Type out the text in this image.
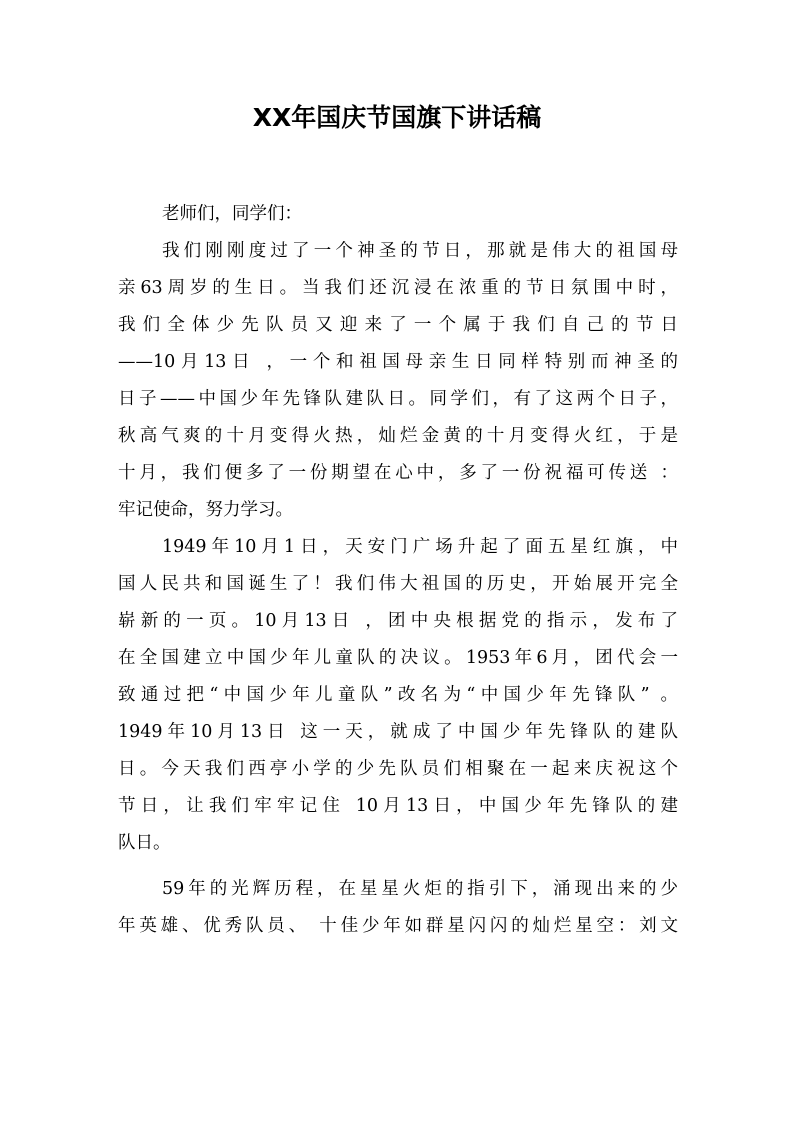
XX年国庆节国旗下讲话稿
老师们，同学们：
我们刚刚度过了一个神圣的节日，那就是伟大的祖国母
亲63周岁的生日。当我们还沉浸在浓重的节日氛围中时，
我们全体少先队员又迎来了一个属于我们自己的节日
——10月13日 ，一个和祖国母亲生日同样特别而神圣的
日子——中国少年先锋队建队日。同学们，有了这两个日子，
秋高气爽的十月变得火热，灿烂金黄的十月变得火红，于是
十月，我们便多了一份期望在心中，多了一份祝福可传送 ：
牢记使命，努力学习。
1949年10月1日，天安门广场升起了面五星红旗，中
国人民共和国诞生了！我们伟大祖国的历史，开始展开完全
崭新的一页。10月13日 ，团中央根据党的指示，发布了
在全国建立中国少年儿童队的决议。1953年6月，团代会一
致通过把“中国少年儿童队”改名为“中国少年先锋队” 。
1949年10月13日 这一天，就成了中国少年先锋队的建队
日。今天我们西亭小学的少先队员们相聚在一起来庆祝这个
节日，让我们牢牢记住 10月13日，中国少年先锋队的建
队日。
59年的光辉历程，在星星火炬的指引下，涌现出来的少
年英雄、优秀队员、 十佳少年如群星闪闪的灿烂星空：刘文
